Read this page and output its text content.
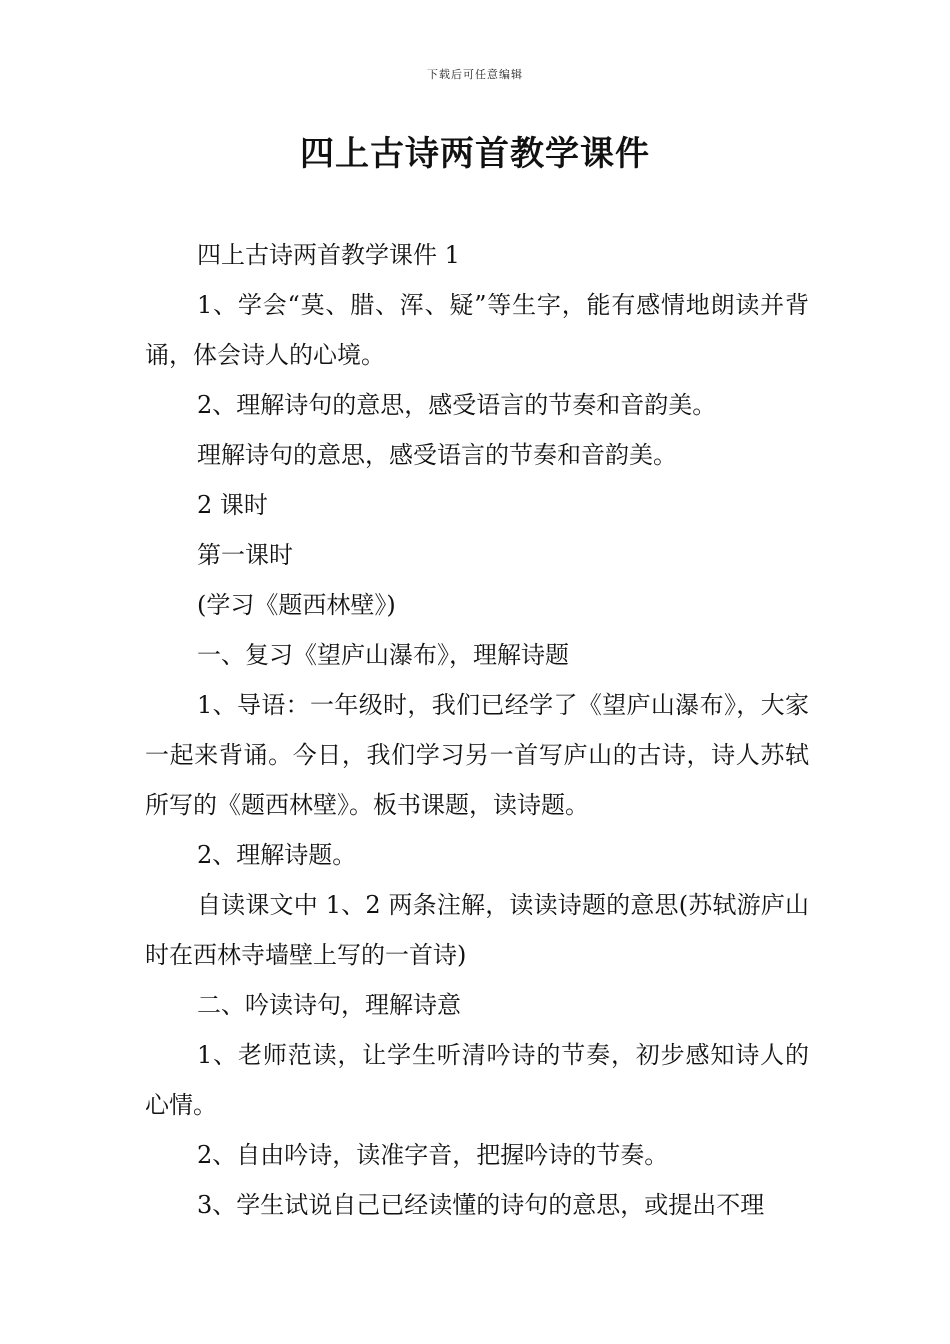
下载后可任意编辑
四上古诗两首教学课件

四上古诗两首教学课件 1

1、学会“莫、腊、浑、疑”等生字，能有感情地朗读并背诵，体会诗人的心境。

2、理解诗句的意思，感受语言的节奏和音韵美。

理解诗句的意思，感受语言的节奏和音韵美。

2 课时

第一课时

(学习《题西林壁》)

一、复习《望庐山瀑布》，理解诗题

1、导语：一年级时，我们已经学了《望庐山瀑布》，大家一起来背诵。今日，我们学习另一首写庐山的古诗，诗人苏轼所写的《题西林壁》。板书课题，读诗题。

2、理解诗题。

自读课文中 1、2 两条注解，读读诗题的意思(苏轼游庐山时在西林寺墙壁上写的一首诗)

二、吟读诗句，理解诗意

1、老师范读，让学生听清吟诗的节奏，初步感知诗人的心情。

2、自由吟诗，读准字音，把握吟诗的节奏。

3、学生试说自己已经读懂的诗句的意思，或提出不理
